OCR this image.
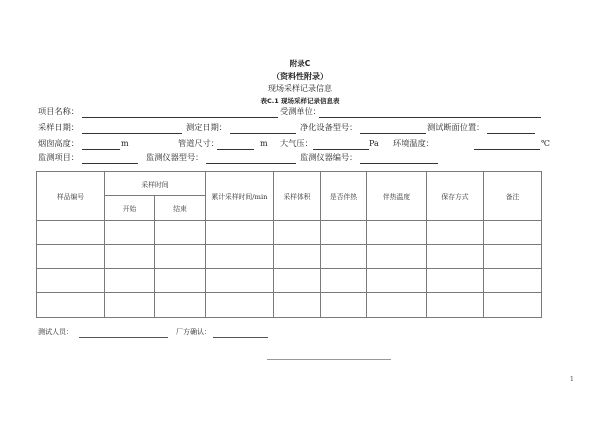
附录C
（资料性附录）
现场采样记录信息
表C.1 现场采样记录信息表
项目名称：	受测单位：
采样日期：	测定日期：	净化设备型号：	测试断面位置：
烟囱高度：	m	管道尺寸：	m 大气压：	Pa 环境温度：	℃
监测项目：	监测仪器型号：	监测仪器编号：
样品编号	采样时间		累计采样时间/min	采样体积	是否伴热	伴热温度	保存方式	备注
	开始	结束						

测试人员：	厂方确认：
1
